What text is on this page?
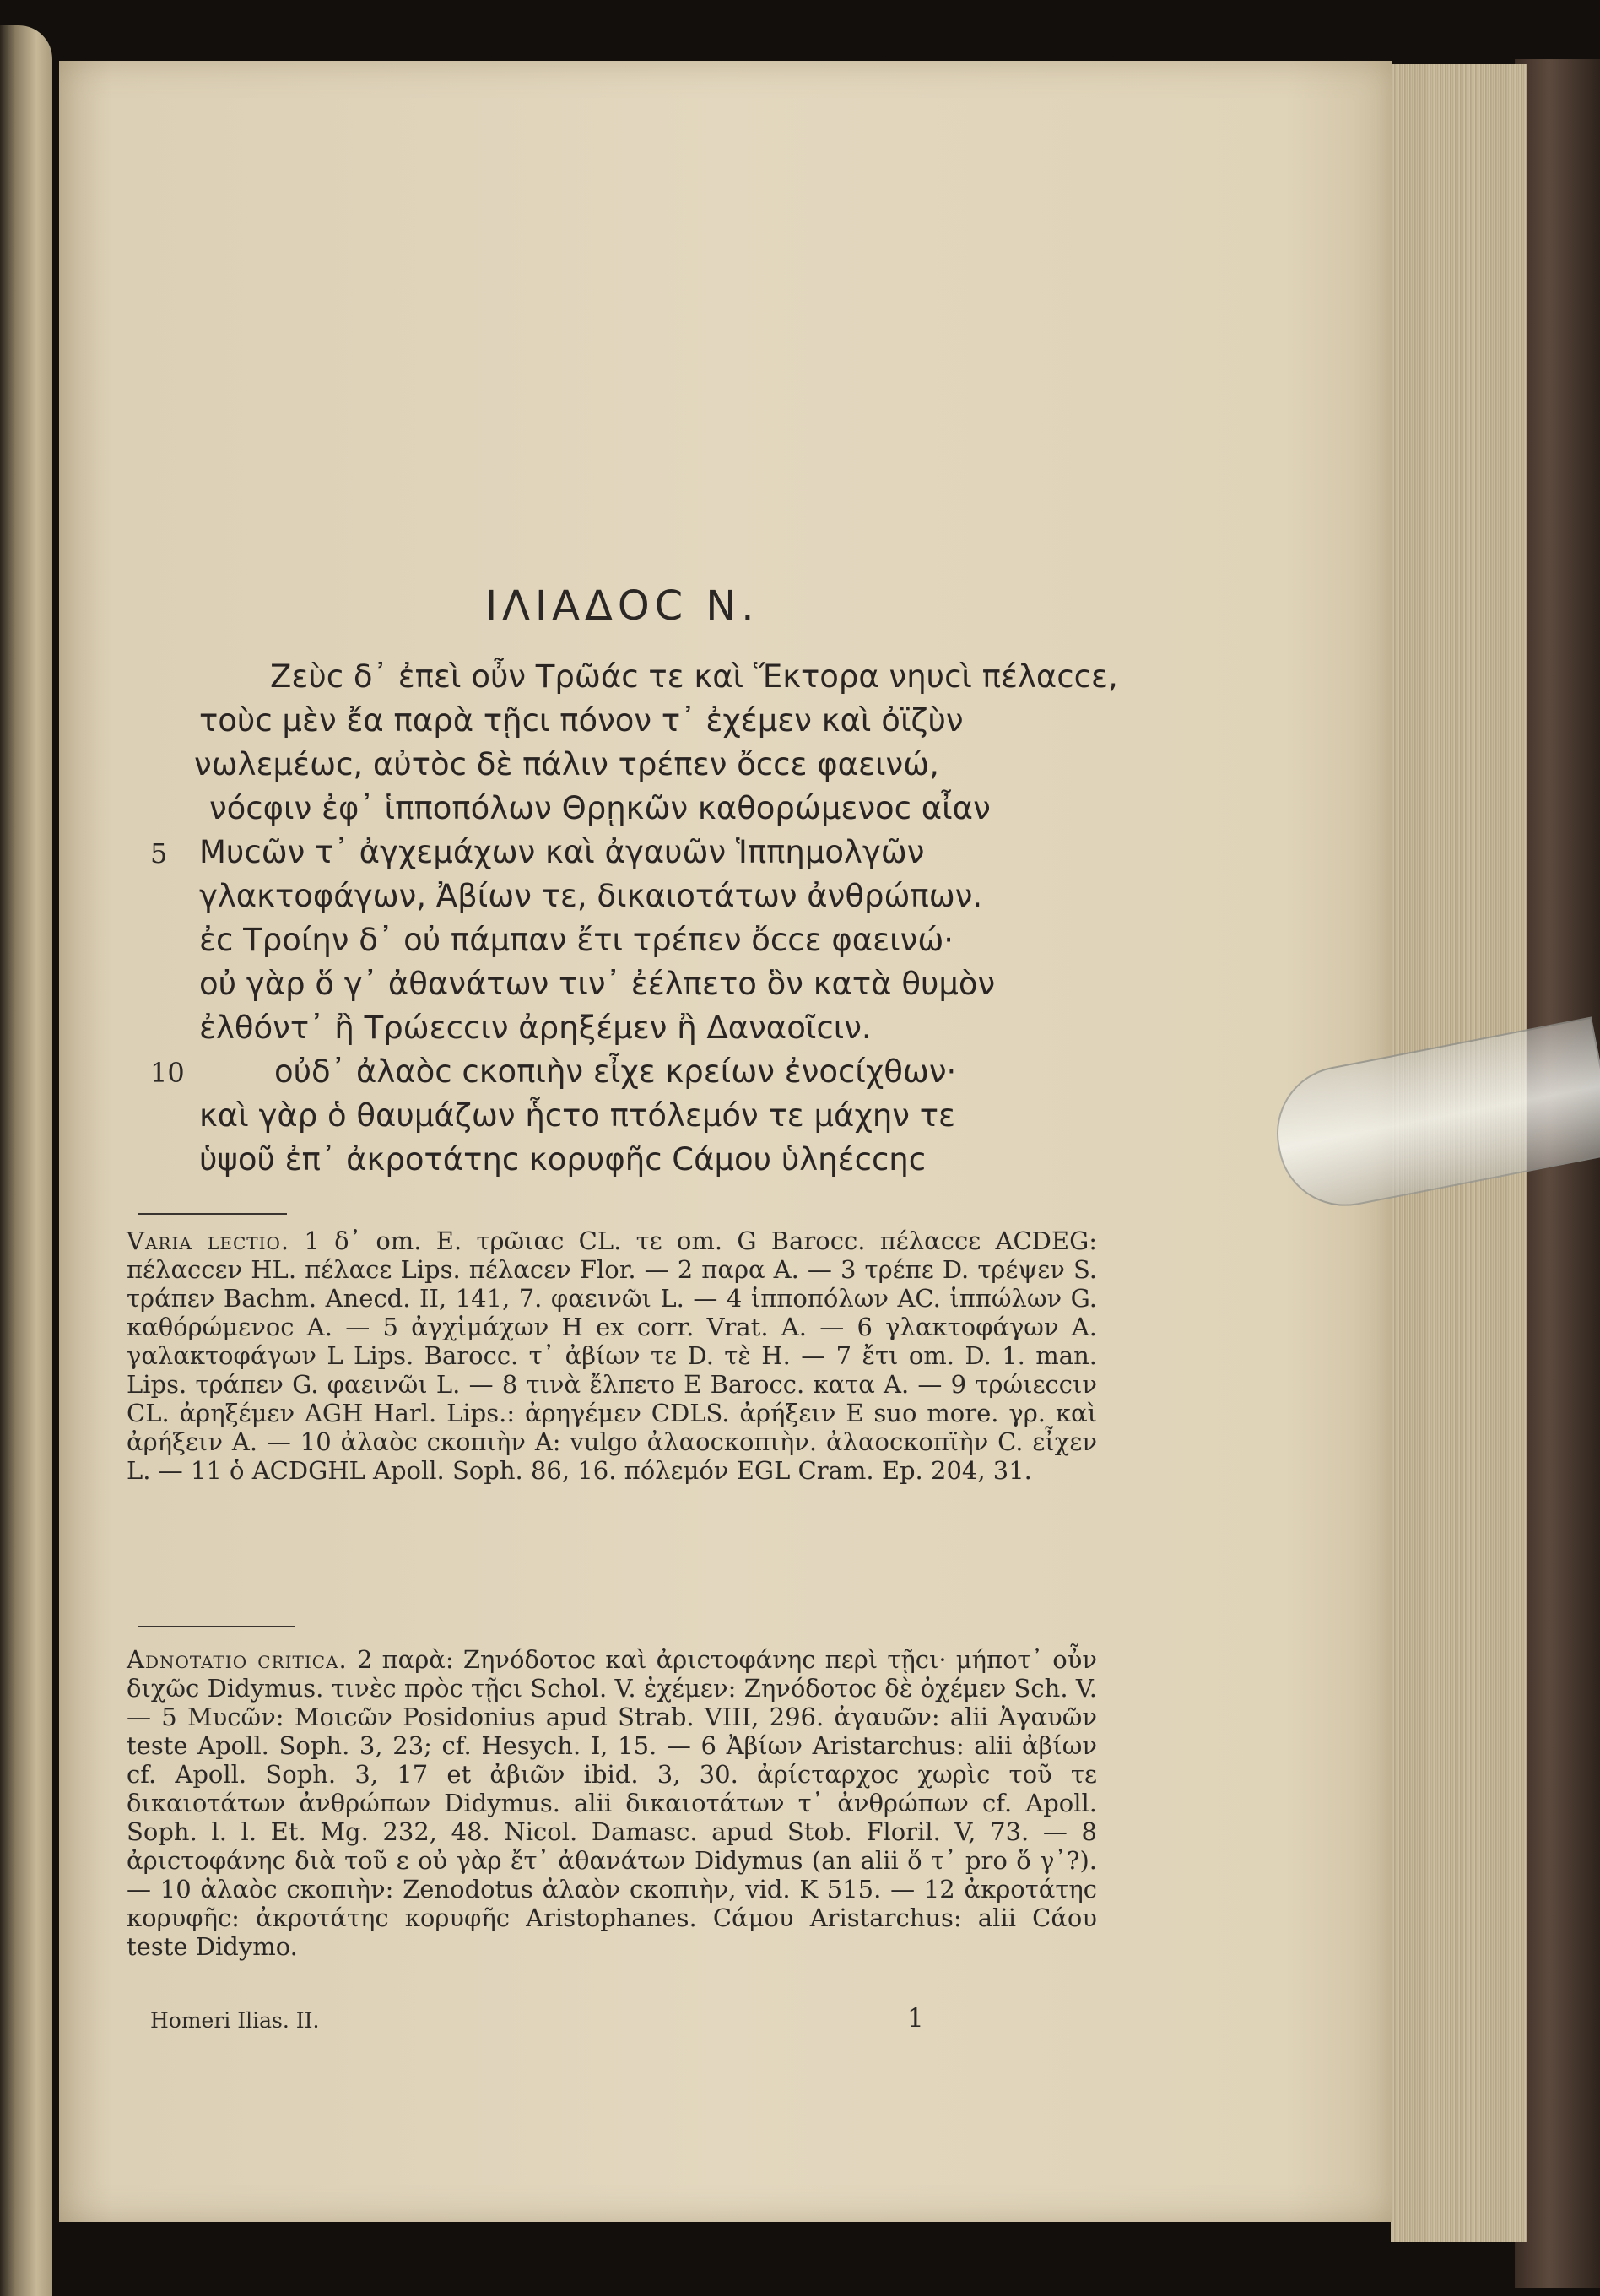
ΙΛΙΑΔΟϹ Ν.
Ζεὺϲ δ᾽ ἐπεὶ οὖν Τρῶάϲ τε καὶ Ἕκτορα νηυϲὶ πέλαϲϲε,
τοὺϲ μὲν ἔα παρὰ τῇϲι πόνον τ᾽ ἐχέμεν καὶ ὀϊζὺν
νωλεμέωϲ, αὐτὸϲ δὲ πάλιν τρέπεν ὄϲϲε φαεινώ,
νόϲφιν ἐφ᾽ ἱπποπόλων Θρῃκῶν καθορώμενοϲ αἶαν
Μυϲῶν τ᾽ ἀγχεμάχων καὶ ἀγαυῶν Ἱππημολγῶν
5
γλακτοφάγων, Ἀβίων τε, δικαιοτάτων ἀνθρώπων.
ἐϲ Τροίην δ᾽ οὐ πάμπαν ἔτι τρέπεν ὄϲϲε φαεινώ·
οὐ γὰρ ὅ γ᾽ ἀθανάτων τιν᾽ ἐέλπετο ὃν κατὰ θυμὸν
ἐλθόντ᾽ ἢ Τρώεϲϲιν ἀρηξέμεν ἢ Δαναοῖϲιν.
οὐδ᾽ ἀλαὸϲ ϲκοπιὴν εἶχε κρείων ἐνοϲίχθων·
10
καὶ γὰρ ὁ θαυμάζων ἧϲτο πτόλεμόν τε μάχην τε
ὑψοῦ ἐπ᾽ ἀκροτάτηϲ κορυφῆϲ Ϲάμου ὑληέϲϲηϲ
Varia lectio. 1 δ᾽ om. E. τρῶιαϲ CL. τε om. G Barocc. πέλαϲϲε ACDEG: πέλαϲϲεν HL. πέλαϲε Lips. πέλαϲεν Flor. — 2 παρα A. — 3 τρέπε D. τρέψεν S. τράπεν Bachm. Anecd. II, 141, 7. φαεινῶι L. — 4 ἱπποπόλων AC. ἱππώλων G. καθόρώμενοϲ A. — 5 ἀγχἱμάχων H ex corr. Vrat. A. — 6 γλακτοφάγων A. γαλακτοφάγων L Lips. Barocc. τ᾽ ἀβίων τε D. τὲ H. — 7 ἔτι om. D. 1. man. Lips. τράπεν G. φαεινῶι L. — 8 τινὰ ἔλπετο E Barocc. κατα A. — 9 τρώιεϲϲιν CL. ἀρηξέμεν AGH Harl. Lips.: ἀρηγέμεν CDLS. ἀρήξειν E suo more. γρ. καὶ ἀρήξειν A. — 10 ἀλαὸϲ ϲκοπιὴν A: vulgo ἀλαοϲκοπιὴν. ἀλαοϲκοπϊὴν C. εἶχεν L. — 11 ὁ ACDGHL Apoll. Soph. 86, 16. πόλεμόν EGL Cram. Ep. 204, 31.
Adnotatio critica. 2 παρὰ: Ζηνόδοτοϲ καὶ ἀριϲτοφάνηϲ περὶ τῇϲι· μήποτ᾽ οὖν διχῶϲ Didymus. τινὲϲ πρὸϲ τῇϲι Schol. V. ἐχέμεν: Ζηνόδοτοϲ δὲ ὀχέμεν Sch. V. — 5 Μυϲῶν: Μοιϲῶν Posidonius apud Strab. VIII, 296. ἀγαυῶν: alii Ἀγαυῶν teste Apoll. Soph. 3, 23; cf. Hesych. I, 15. — 6 Ἀβίων Aristarchus: alii ἀβίων cf. Apoll. Soph. 3, 17 et ἀβιῶν ibid. 3, 30. ἀρίϲταρχοϲ χωρὶϲ τοῦ τε δικαιοτάτων ἀνθρώπων Didymus. alii δικαιοτάτων τ᾽ ἀνθρώπων cf. Apoll. Soph. l. l. Et. Mg. 232, 48. Nicol. Damasc. apud Stob. Floril. V, 73. — 8 ἀριϲτοφάνηϲ διὰ τοῦ ε οὐ γὰρ ἔτ᾽ ἀθανάτων Didymus (an alii ὅ τ᾽ pro ὅ γ᾽?). — 10 ἀλαὸϲ ϲκοπιὴν: Zenodotus ἀλαὸν ϲκοπιὴν, vid. K 515. — 12 ἀκροτάτηϲ κορυφῆϲ: ἀκροτάτηϲ κορυφῆϲ Aristophanes. Ϲάμου Aristarchus: alii Ϲάου teste Didymo.
Homeri Ilias. II.	1
